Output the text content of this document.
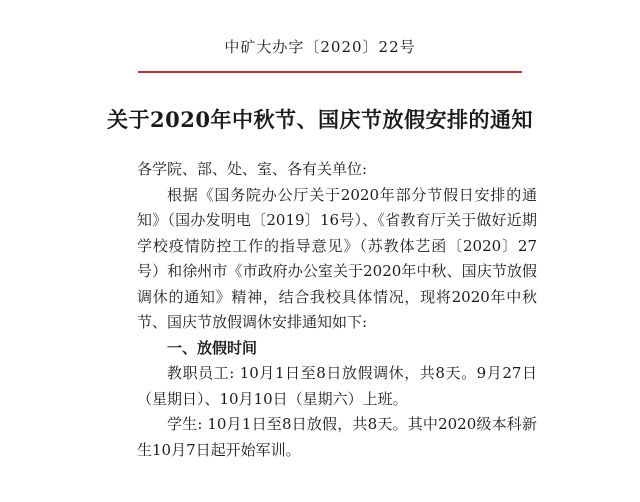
中矿大办字〔2020〕22号
关于2020年中秋节、国庆节放假安排的通知

各学院、部、处、室、各有关单位:

根据《国务院办公厅关于2020年部分节假日安排的通知》（国办发明电〔2019〕16号）、《省教育厅关于做好近期学校疫情防控工作的指导意见》（苏教体艺函〔2020〕27号）和徐州市《市政府办公室关于2020年中秋、国庆节放假调休的通知》精神，结合我校具体情况，现将2020年中秋节、国庆节放假调休安排通知如下:

一、放假时间

教职员工: 10月1日至8日放假调休，共8天。9月27日（星期日）、10月10日（星期六）上班。

学生: 10月1日至8日放假，共8天。其中2020级本科新生10月7日起开始军训。
